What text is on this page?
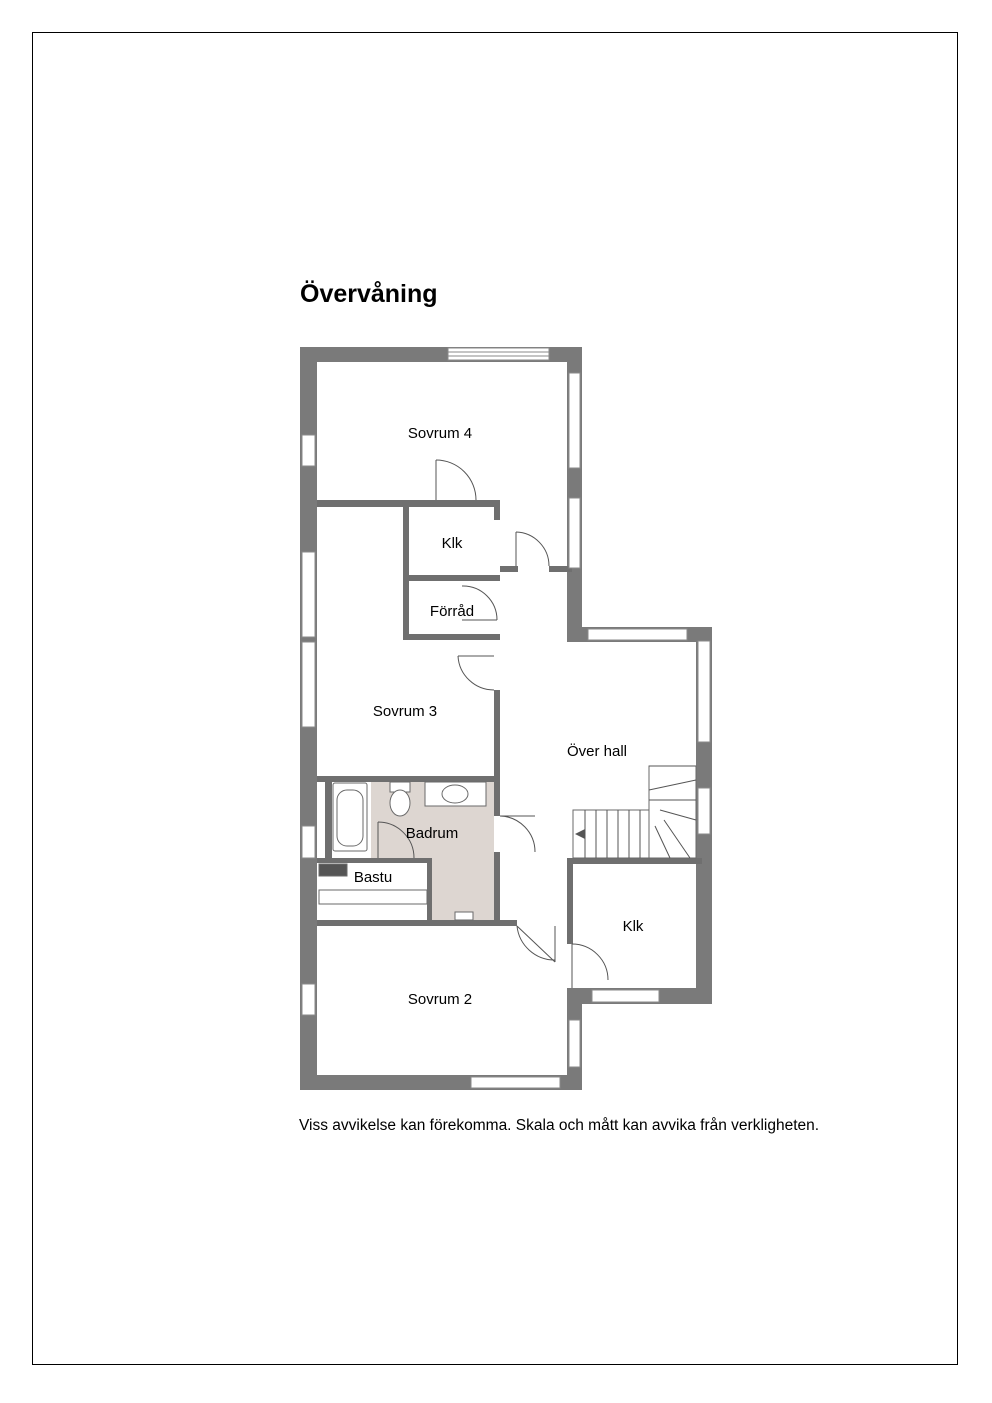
Övervåning
Sovrum 4
Klk
Förråd
Sovrum 3
Över hall
Badrum
Bastu
Klk
Sovrum 2
Viss avvikelse kan förekomma. Skala och mått kan avvika från verkligheten.
